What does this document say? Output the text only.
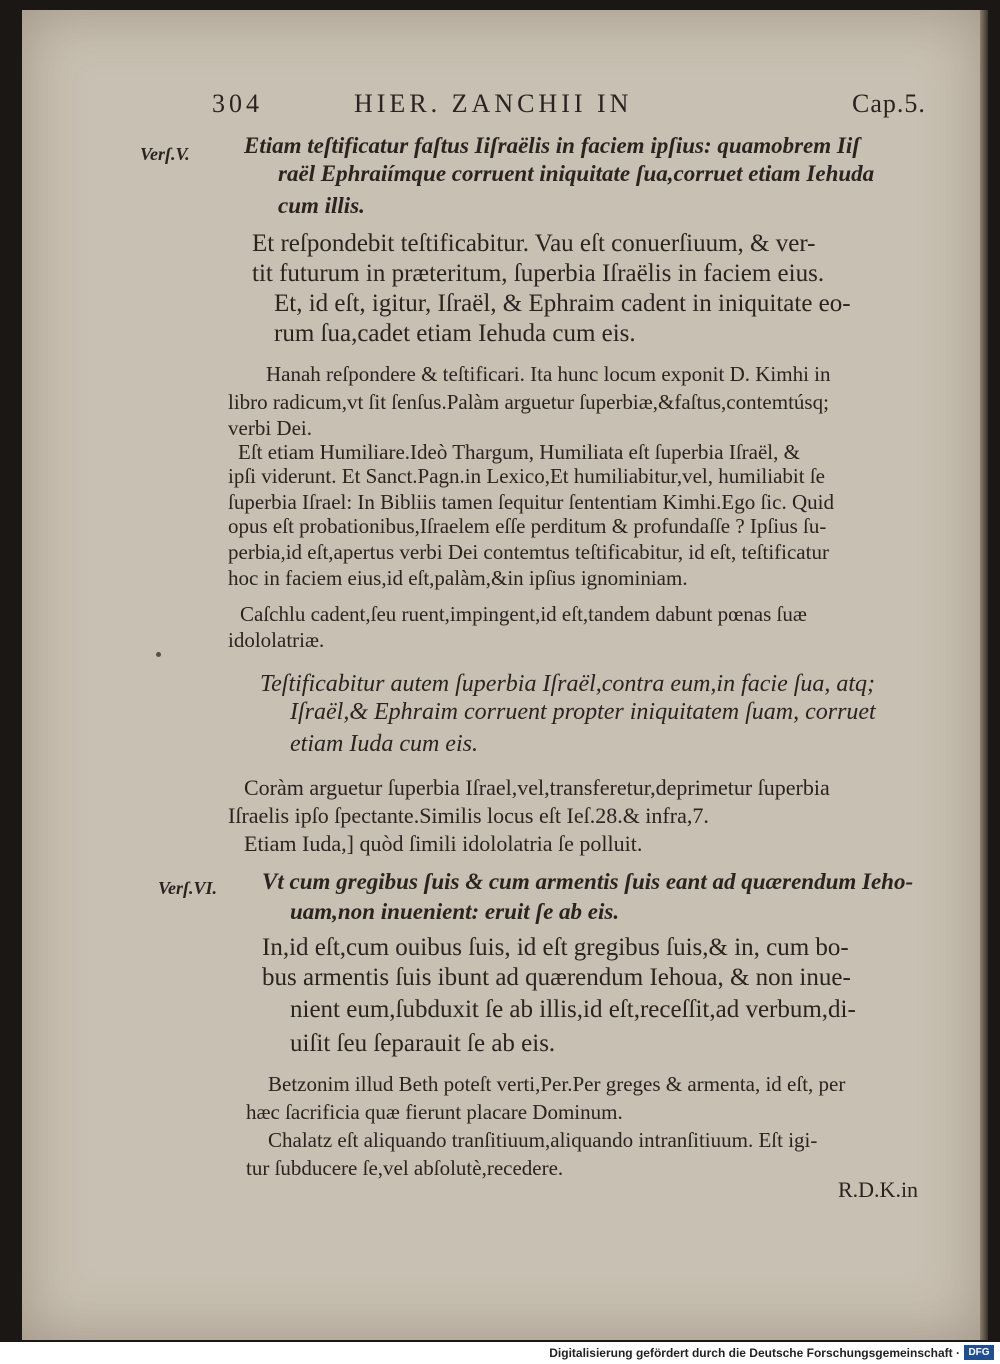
304	HIER. ZANCHII IN	Cap.5.
Verſ.V.
Verſ.VI.
Etiam teſtificatur faſtus Iiſraëlis in faciem ipſius: quamobrem Iiſ
raël Ephraiímque corruent iniquitate ſua,corruet etiam Iehuda
cum illis.
Et reſpondebit teſtificabitur. Vau eſt conuerſiuum, & ver-
tit futurum in præteritum, ſuperbia Iſraëlis in faciem eius.
Et, id eſt, igitur, Iſraël, & Ephraim cadent in iniquitate eo-
rum ſua,cadet etiam Iehuda cum eis.
Hanah reſpondere & teſtificari. Ita hunc locum exponit D. Kimhi in
libro radicum,vt ſit ſenſus.Palàm arguetur ſuperbiæ,&faſtus,contemtúsq;
verbi Dei.
Eſt etiam Humiliare.Ideò Thargum, Humiliata eſt ſuperbia Iſraël, &
ipſi viderunt. Et Sanct.Pagn.in Lexico,Et humiliabitur,vel, humiliabit ſe
ſuperbia Iſrael: In Bibliis tamen ſequitur ſententiam Kimhi.Ego ſic. Quid
opus eſt probationibus,Iſraelem eſſe perditum & profundaſſe ? Ipſius ſu-
perbia,id eſt,apertus verbi Dei contemtus teſtificabitur, id eſt, teſtificatur
hoc in faciem eius,id eſt,palàm,&in ipſius ignominiam.
Caſchlu cadent,ſeu ruent,impingent,id eſt,tandem dabunt pœnas ſuæ
idololatriæ.
Teſtificabitur autem ſuperbia Iſraël,contra eum,in facie ſua, atq;
Iſraël,& Ephraim corruent propter iniquitatem ſuam, corruet
etiam Iuda cum eis.
Coràm arguetur ſuperbia Iſrael,vel,transferetur,deprimetur ſuperbia
Iſraelis ipſo ſpectante.Similis locus eſt Ieſ.28.& infra,7.
Etiam Iuda,] quòd ſimili idololatria ſe polluit.
Vt cum gregibus ſuis & cum armentis ſuis eant ad quærendum Ieho-
uam,non inuenient: eruit ſe ab eis.
In,id eſt,cum ouibus ſuis, id eſt gregibus ſuis,& in, cum bo-
bus armentis ſuis ibunt ad quærendum Iehoua, & non inue-
nient eum,ſubduxit ſe ab illis,id eſt,receſſit,ad verbum,di-
uiſit ſeu ſeparauit ſe ab eis.
Betzonim illud Beth poteſt verti,Per.Per greges & armenta, id eſt, per
hæc ſacrificia quæ fierunt placare Dominum.
Chalatz eſt aliquando tranſitiuum,aliquando intranſitiuum. Eſt igi-
tur ſubducere ſe,vel abſolutè,recedere.
R.D.K.in
Digitalisierung gefördert durch die Deutsche Forschungsgemeinschaft · DFG
